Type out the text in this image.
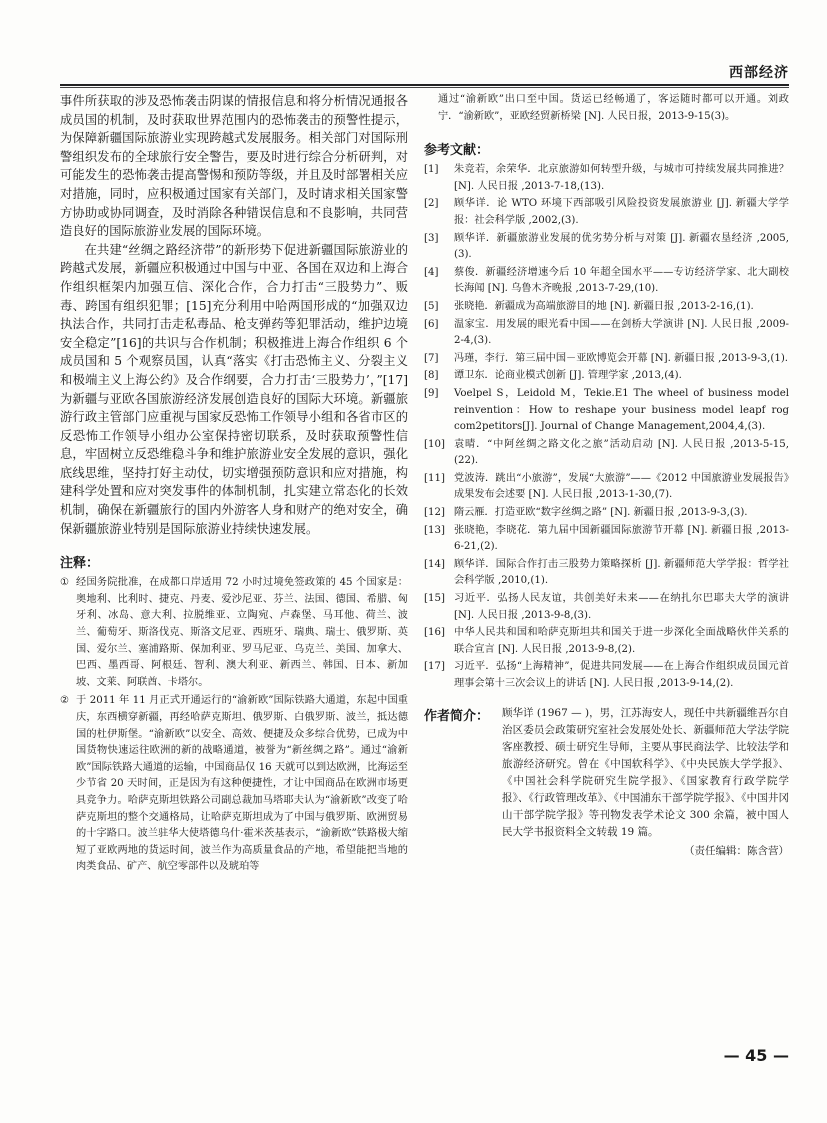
西部经济

事件所获取的涉及恐怖袭击阴谋的情报信息和将分析情况通报各成员国的机制，及时获取世界范围内的恐怖袭击的预警性提示，为保障新疆国际旅游业实现跨越式发展服务。相关部门对国际刑警组织发布的全球旅行安全警告，要及时进行综合分析研判，对可能发生的恐怖袭击提高警惕和预防等级，并且及时部署相关应对措施，同时，应积极通过国家有关部门，及时请求相关国家警方协助或协同调查，及时消除各种错误信息和不良影响，共同营造良好的国际旅游业发展的国际环境。

在共建“丝绸之路经济带”的新形势下促进新疆国际旅游业的跨越式发展，新疆应积极通过中国与中亚、各国在双边和上海合作组织框架内加强互信、深化合作，合力打击“三股势力”、贩毒、跨国有组织犯罪；[15]充分利用中哈两国形成的“加强双边执法合作，共同打击走私毒品、枪支弹药等犯罪活动，维护边境安全稳定”[16]的共识与合作机制；积极推进上海合作组织 6 个成员国和 5 个观察员国，认真“落实《打击恐怖主义、分裂主义和极端主义上海公约》及合作纲要，合力打击‘三股势力’，”[17]为新疆与亚欧各国旅游经济发展创造良好的国际大环境。新疆旅游行政主管部门应重视与国家反恐怖工作领导小组和各省市区的反恐怖工作领导小组办公室保持密切联系，及时获取预警性信息，牢固树立反恐维稳斗争和维护旅游业安全发展的意识，强化底线思维，坚持打好主动仗，切实增强预防意识和应对措施，构建科学处置和应对突发事件的体制机制，扎实建立常态化的长效机制，确保在新疆旅行的国内外游客人身和财产的绝对安全，确保新疆旅游业特别是国际旅游业持续快速发展。

注释：
① 经国务院批准，在成都口岸适用 72 小时过境免签政策的 45 个国家是：奥地利、比利时、捷克、丹麦、爱沙尼亚、芬兰、法国、德国、希腊、匈牙利、冰岛、意大利、拉脱维亚、立陶宛、卢森堡、马耳他、荷兰、波兰、葡萄牙、斯洛伐克、斯洛文尼亚、西班牙、瑞典、瑞士、俄罗斯、英国、爱尔兰、塞浦路斯、保加利亚、罗马尼亚、乌克兰、美国、加拿大、巴西、墨西哥、阿根廷、智利、澳大利亚、新西兰、韩国、日本、新加坡、文莱、阿联酋、卡塔尔。
② 于 2011 年 11 月正式开通运行的“渝新欧”国际铁路大通道，东起中国重庆，东西横穿新疆，再经哈萨克斯坦、俄罗斯、白俄罗斯、波兰，抵达德国的杜伊斯堡。“渝新欧”以安全、高效、便捷及众多综合优势，已成为中国货物快速运往欧洲的新的战略通道，被誉为“新丝绸之路”。通过“渝新欧”国际铁路大通道的运输，中国商品仅 16 天就可以到达欧洲，比海运至少节省 20 天时间，正是因为有这种便捷性，才让中国商品在欧洲市场更具竞争力。哈萨克斯坦铁路公司副总裁加马塔耶夫认为“渝新欧”改变了哈萨克斯坦的整个交通格局，让哈萨克斯坦成为了中国与俄罗斯、欧洲贸易的十字路口。波兰驻华大使塔德乌什·霍米茨基表示，“渝新欧”铁路极大缩短了亚欧两地的货运时间，波兰作为高质量食品的产地，希望能把当地的肉类食品、矿产、航空零部件以及琥珀等

通过“渝新欧”出口至中国。货运已经畅通了，客运随时都可以开通。刘政宁．“渝新欧”，亚欧经贸新桥梁 [N]. 人民日报，2013-9-15(3)。

参考文献：
[1] 朱竞若，余荣华．北京旅游如何转型升级，与城市可持续发展共同推进？ [N]. 人民日报 ,2013-7-18,(13).
[2] 顾华详．论 WTO 环境下西部吸引风险投资发展旅游业 [J]. 新疆大学学报：社会科学版 ,2002,(3).
[3] 顾华详．新疆旅游业发展的优劣势分析与对策 [J]. 新疆农垦经济 ,2005,(3).
[4] 蔡俊．新疆经济增速今后 10 年超全国水平——专访经济学家、北大副校长海闻 [N]. 乌鲁木齐晚报 ,2013-7-29,(10).
[5] 张晓艳．新疆成为高端旅游目的地 [N]. 新疆日报 ,2013-2-16,(1).
[6] 温家宝．用发展的眼光看中国——在剑桥大学演讲 [N]. 人民日报 ,2009-2-4,(3).
[7] 冯瑾，李行．第三届中国－亚欧博览会开幕 [N]. 新疆日报 ,2013-9-3,(1).
[8] 谭卫东．论商业模式创新 [J]. 管理学家 ,2013,(4).
[9] Voelpel S，Leidold M，Tekie.E1 The wheel of business model reinvention：How to reshape your business model leapf rog com2petitors[J]. Journal of Change Management,2004,4,(3).
[10] 袁晴．“中阿丝绸之路文化之旅”活动启动 [N]. 人民日报 ,2013-5-15,(22).
[11] 党波涛．跳出“小旅游”，发展“大旅游”——《2012 中国旅游业发展报告》成果发布会述要 [N]. 人民日报 ,2013-1-30,(7).
[12] 隋云雁．打造亚欧“数字丝绸之路” [N]. 新疆日报 ,2013-9-3,(3).
[13] 张晓艳，李晓花．第九届中国新疆国际旅游节开幕 [N]. 新疆日报 ,2013-6-21,(2).
[14] 顾华详．国际合作打击三股势力策略探析 [J]. 新疆师范大学学报：哲学社会科学版 ,2010,(1).
[15] 习近平．弘扬人民友谊，共创美好未来——在纳扎尔巴耶夫大学的演讲 [N]. 人民日报 ,2013-9-8,(3).
[16] 中华人民共和国和哈萨克斯坦共和国关于进一步深化全面战略伙伴关系的联合宣言 [N]. 人民日报 ,2013-9-8,(2).
[17] 习近平．弘扬“上海精神”，促进共同发展——在上海合作组织成员国元首理事会第十三次会议上的讲话 [N]. 人民日报 ,2013-9-14,(2).
作者简介： 顾华详 (1967 — )，男，江苏海安人，现任中共新疆维吾尔自治区委员会政策研究室社会发展处处长、新疆师范大学法学院客座教授、硕士研究生导师，主要从事民商法学、比较法学和旅游经济研究。曾在《中国软科学》、《中央民族大学学报》、《中国社会科学院研究生院学报》、《国家教育行政学院学报》、《行政管理改革》、《中国浦东干部学院学报》、《中国井冈山干部学院学报》等刊物发表学术论文 300 余篇，被中国人民大学书报资料全文转载 19 篇。
（责任编辑：陈含营）
— 45 —
